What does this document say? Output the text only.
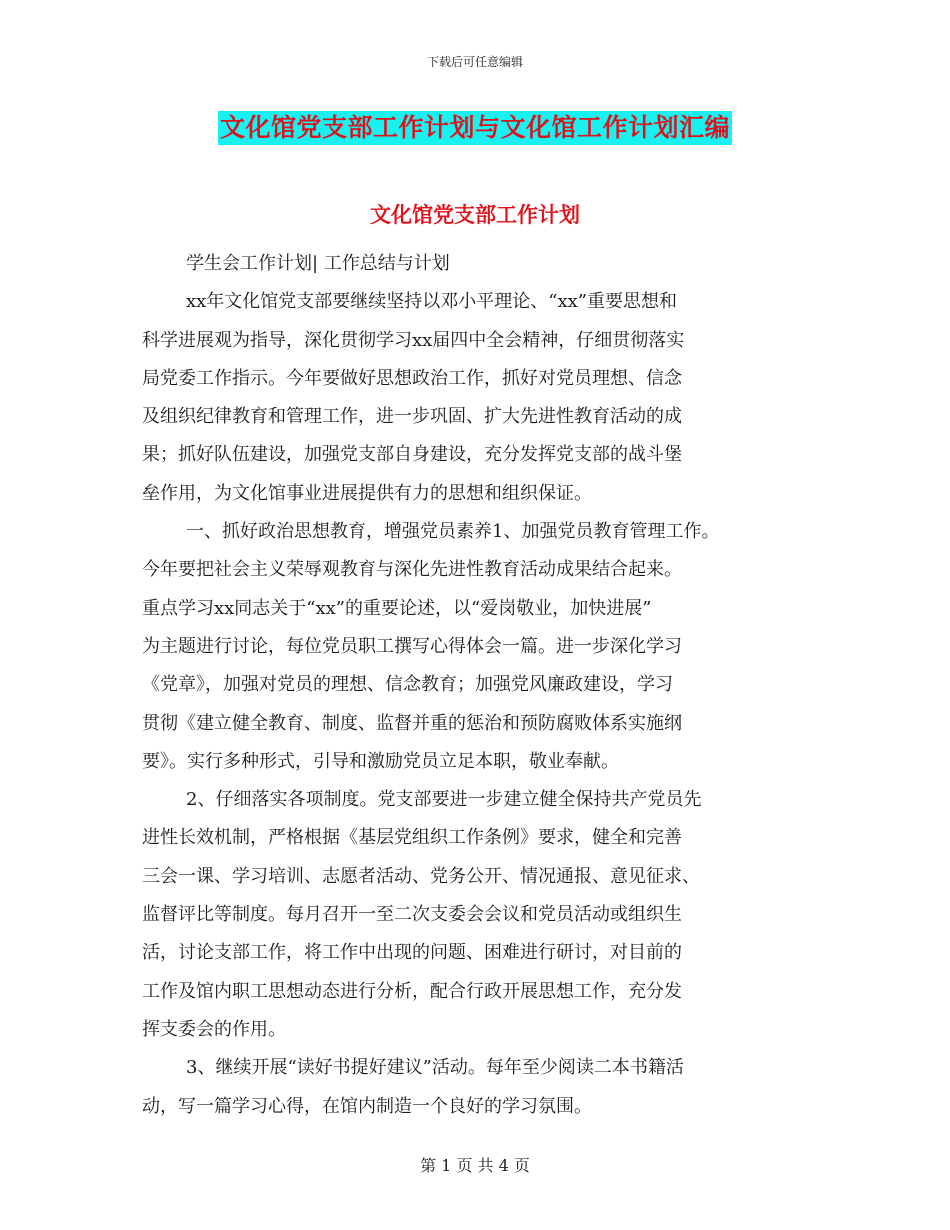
下载后可任意编辑
文化馆党支部工作计划与文化馆工作计划汇编
文化馆党支部工作计划
学生会工作计划| 工作总结与计划
xx年文化馆党支部要继续坚持以邓小平理论、“xx”重要思想和
科学进展观为指导，深化贯彻学习xx届四中全会精神，仔细贯彻落实
局党委工作指示。今年要做好思想政治工作，抓好对党员理想、信念
及组织纪律教育和管理工作，进一步巩固、扩大先进性教育活动的成
果；抓好队伍建设，加强党支部自身建设，充分发挥党支部的战斗堡
垒作用，为文化馆事业进展提供有力的思想和组织保证。
一、抓好政治思想教育，增强党员素养1、加强党员教育管理工作。
今年要把社会主义荣辱观教育与深化先进性教育活动成果结合起来。
重点学习xx同志关于“xx”的重要论述，以“爱岗敬业，加快进展”
为主题进行讨论，每位党员职工撰写心得体会一篇。进一步深化学习
《党章》，加强对党员的理想、信念教育；加强党风廉政建设，学习
贯彻《建立健全教育、制度、监督并重的惩治和预防腐败体系实施纲
要》。实行多种形式，引导和激励党员立足本职，敬业奉献。
2、仔细落实各项制度。党支部要进一步建立健全保持共产党员先
进性长效机制，严格根据《基层党组织工作条例》要求，健全和完善
三会一课、学习培训、志愿者活动、党务公开、情况通报、意见征求、
监督评比等制度。每月召开一至二次支委会会议和党员活动或组织生
活，讨论支部工作，将工作中出现的问题、困难进行研讨，对目前的
工作及馆内职工思想动态进行分析，配合行政开展思想工作，充分发
挥支委会的作用。
3、继续开展“读好书提好建议”活动。每年至少阅读二本书籍活
动，写一篇学习心得，在馆内制造一个良好的学习氛围。
第 1 页 共 4 页
